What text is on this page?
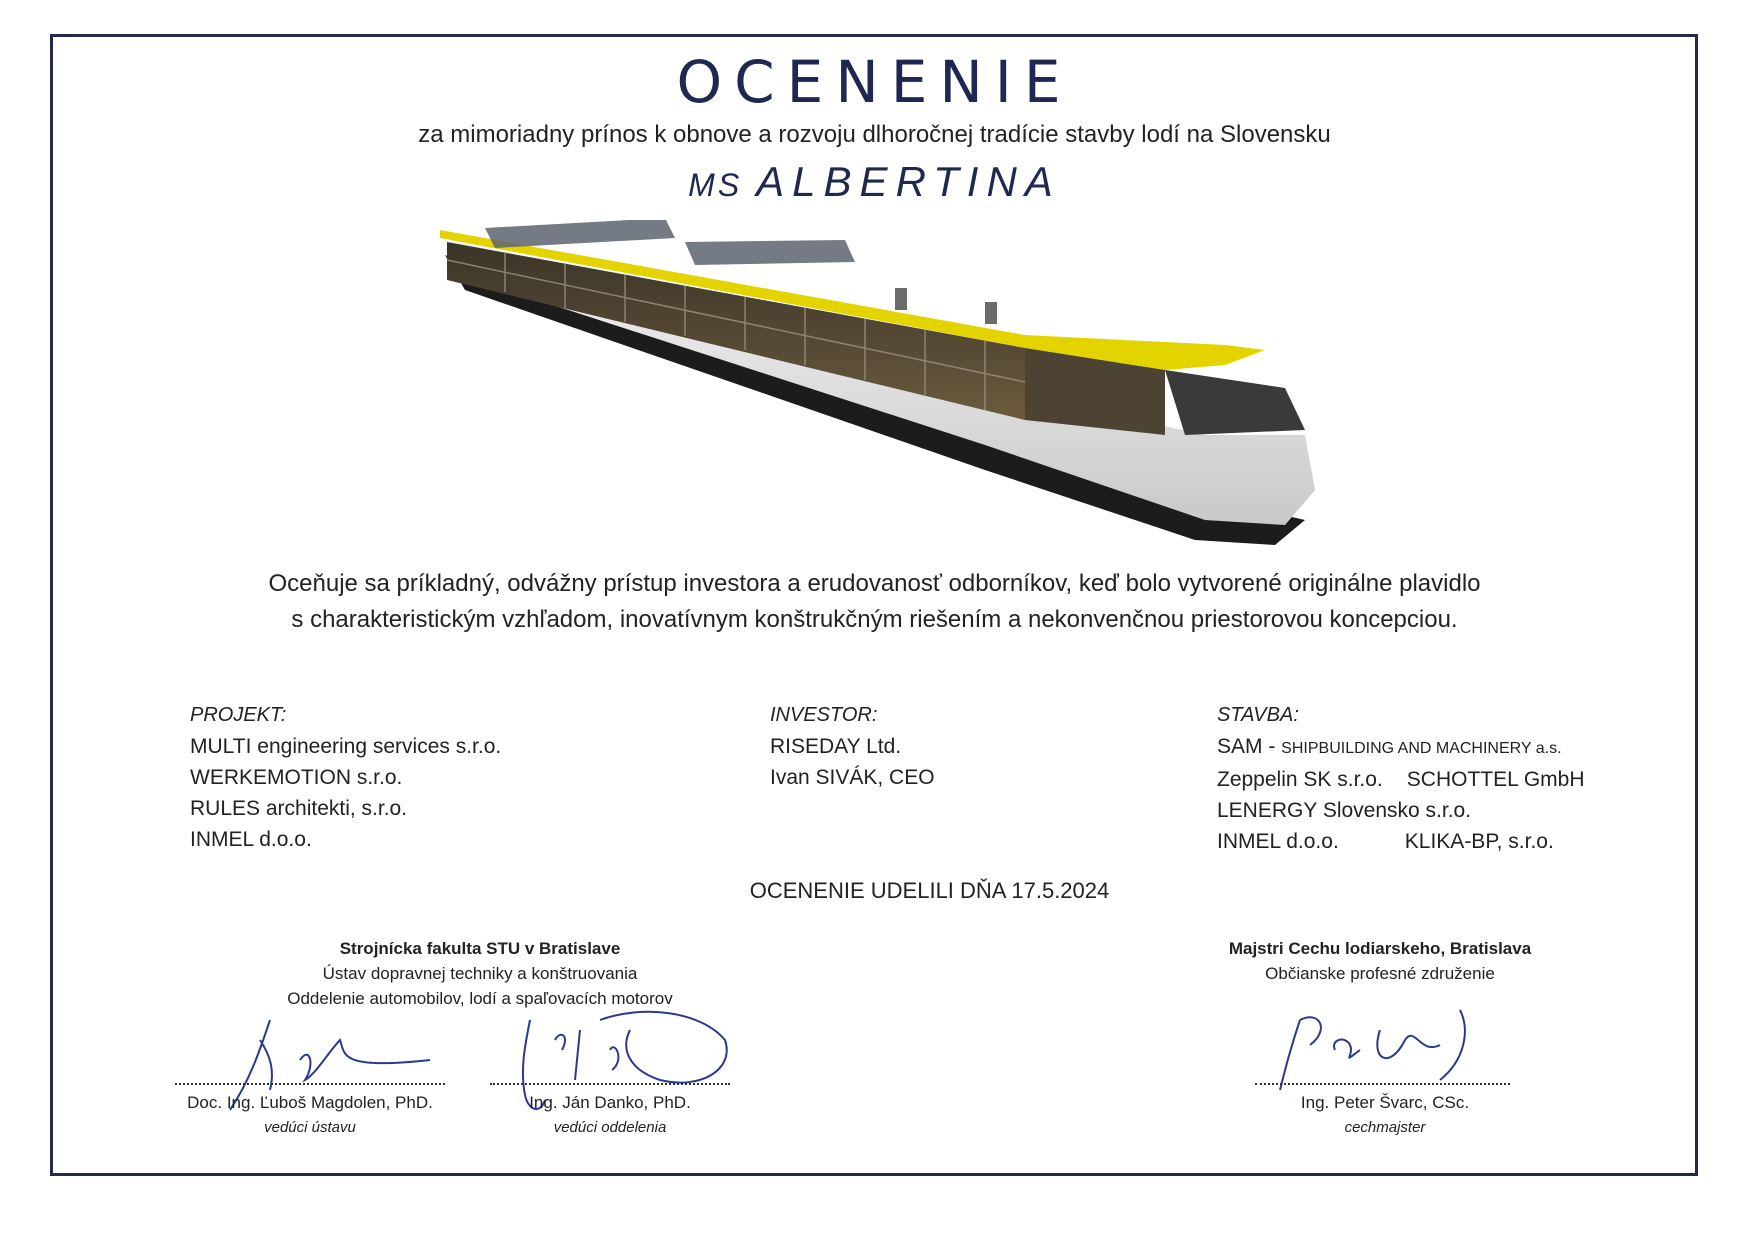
OCENENIE
za mimoriadny prínos k obnove a rozvoju dlhoročnej tradície stavby lodí na Slovensku
MS ALBERTINA
Oceňuje sa príkladný, odvážny prístup investora a erudovanosť odborníkov, keď bolo vytvorené originálne plavidlo
s charakteristickým vzhľadom, inovatívnym konštrukčným riešením a nekonvenčnou priestorovou koncepciou.
PROJEKT:
MULTI engineering services s.r.o.
WERKEMOTION s.r.o.
RULES architekti, s.r.o.
INMEL d.o.o.
INVESTOR:
RISEDAY Ltd.
Ivan SIVÁK, CEO
STAVBA:
SAM - SHIPBUILDING AND MACHINERY a.s.
Zeppelin SK s.r.o. SCHOTTEL GmbH
LENERGY Slovensko s.r.o.
INMEL d.o.o.	KLIKA-BP, s.r.o.
OCENENIE UDELILI DŇA 17.5.2024
Strojnícka fakulta STU v Bratislave
Ústav dopravnej techniky a konštruovania
Oddelenie automobilov, lodí a spaľovacích motorov
Majstri Cechu lodiarskeho, Bratislava
Občianske profesné združenie
Doc. Ing. Ľuboš Magdolen, PhD.
vedúci ústavu
Ing. Ján Danko, PhD.
vedúci oddelenia
Ing. Peter Švarc, CSc.
cechmajster
